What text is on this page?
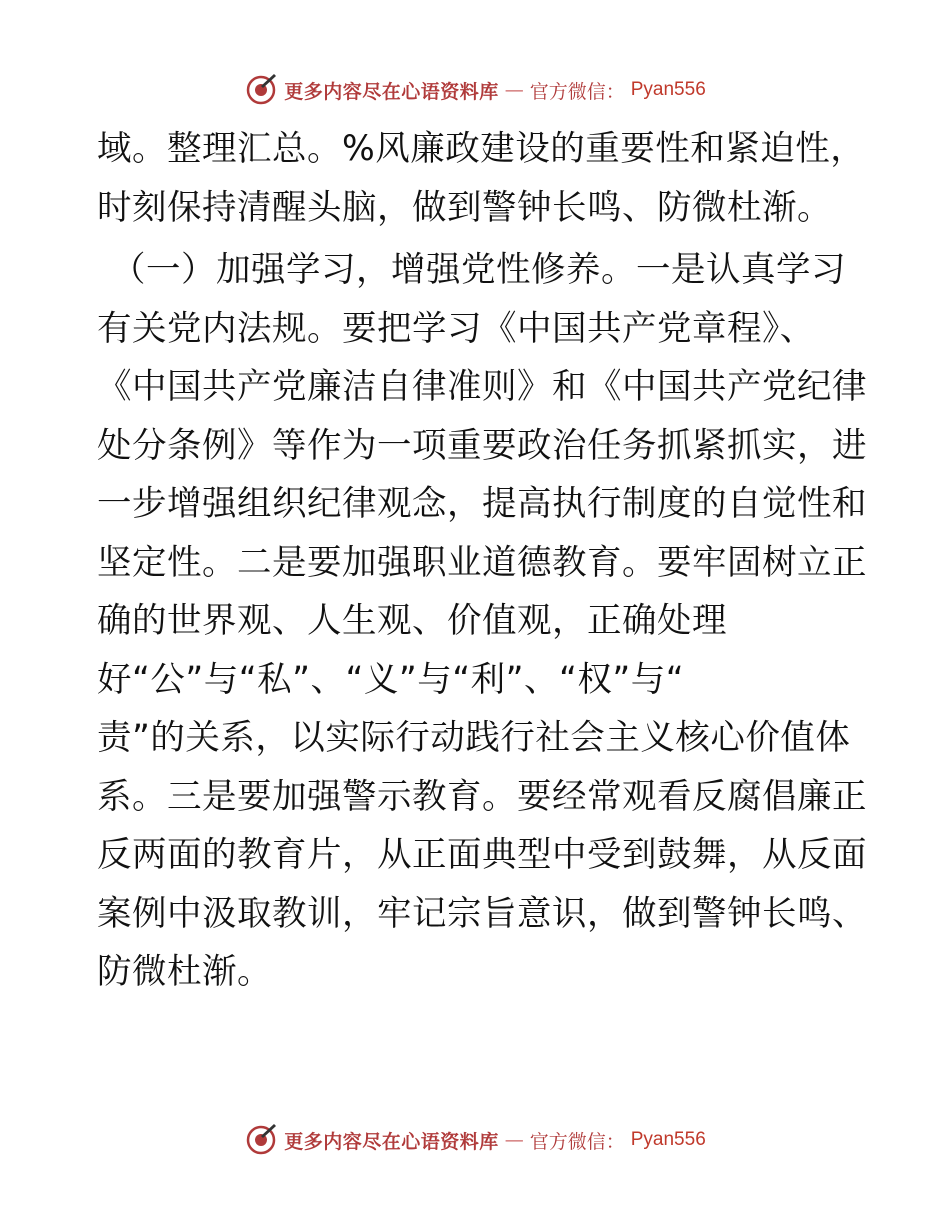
更多内容尽在心语资料库 — 官方微信： Pyan556
域。整理汇总。%风廉政建设的重要性和紧迫性，
时刻保持清醒头脑，做到警钟长鸣、防微杜渐。
（一）加强学习，增强党性修养。一是认真学习
有关党内法规。要把学习《中国共产党章程》、
《中国共产党廉洁自律准则》和《中国共产党纪律
处分条例》等作为一项重要政治任务抓紧抓实，进
一步增强组织纪律观念，提高执行制度的自觉性和
坚定性。二是要加强职业道德教育。要牢固树立正
确的世界观、人生观、价值观，正确处理
好“公”与“私”、“义”与“利”、“权”与“
责”的关系，以实际行动践行社会主义核心价值体
系。三是要加强警示教育。要经常观看反腐倡廉正
反两面的教育片，从正面典型中受到鼓舞，从反面
案例中汲取教训，牢记宗旨意识，做到警钟长鸣、
防微杜渐。
更多内容尽在心语资料库 — 官方微信： Pyan556
